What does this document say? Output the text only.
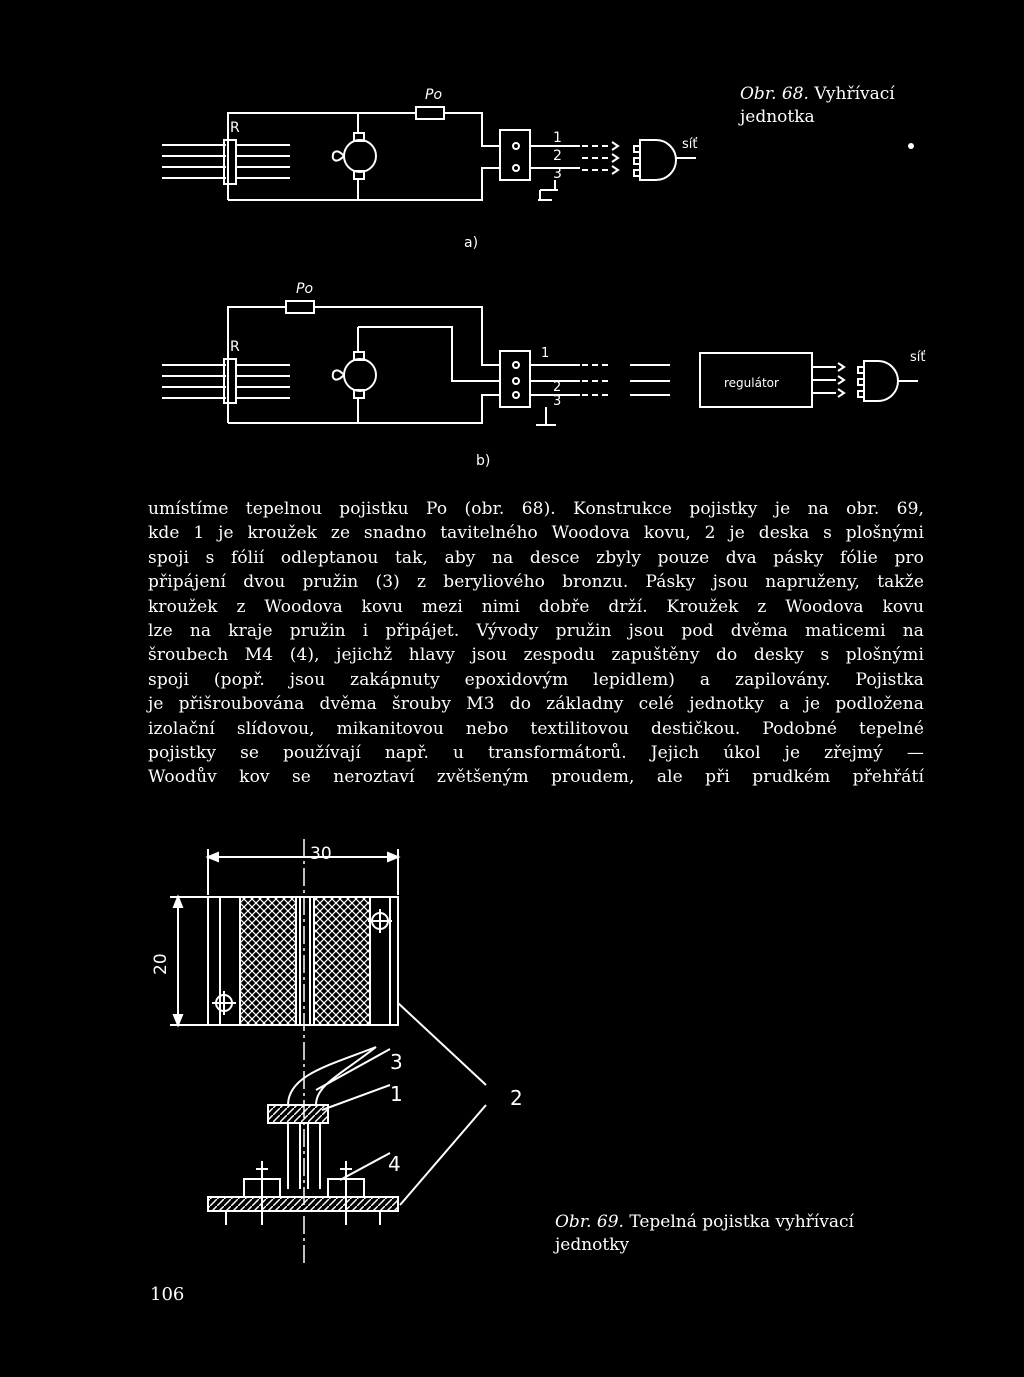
Obr. 68. Vyhřívací
jednotka
Po
R
1
2
3
síť
a)
Po
R	1
2
3
regulátor
síť
b)
umístíme tepelnou pojistku Po (obr. 68). Konstrukce pojistky je na obr. 69,
kde 1 je kroužek ze snadno tavitelného Woodova kovu, 2 je deska s plošnými
spoji s fólií odleptanou tak, aby na desce zbyly pouze dva pásky fólie pro
připájení dvou pružin (3) z beryliového bronzu. Pásky jsou napruženy, takže
kroužek z Woodova kovu mezi nimi dobře drží. Kroužek z Woodova kovu
lze na kraje pružin i připájet. Vývody pružin jsou pod dvěma maticemi na
šroubech M4 (4), jejichž hlavy jsou zespodu zapuštěny do desky s plošnými
spoji (popř. jsou zakápnuty epoxidovým lepidlem) a zapilovány. Pojistka
je přišroubována dvěma šrouby M3 do základny celé jednotky a je podložena
izolační slídovou, mikanitovou nebo textilitovou destičkou. Podobné tepelné
pojistky se používají např. u transformátorů. Jejich úkol je zřejmý —
Woodův kov se neroztaví zvětšeným proudem, ale při prudkém přehřátí
30
20
3
1	2
4
Obr. 69. Tepelná pojistka vyhřívací
jednotky
106
